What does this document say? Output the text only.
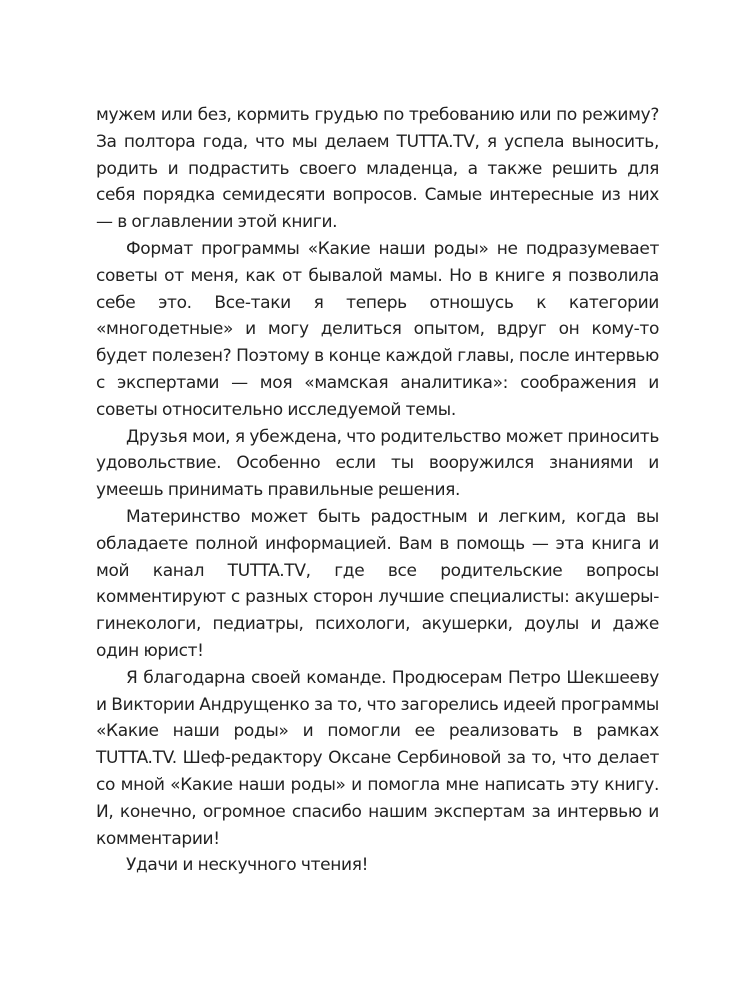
мужем или без, кормить грудью по требованию или по режиму? За полтора года, что мы делаем TUTTA.TV, я успела выносить, родить и подрастить своего младенца, а также решить для себя порядка семидесяти вопросов. Самые интересные из них — в оглавлении этой книги.

Формат программы «Какие наши роды» не подразумевает советы от меня, как от бывалой мамы. Но в книге я позволила себе это. Все-таки я теперь отношусь к категории «многодетные» и могу делиться опытом, вдруг он кому-то будет полезен? Поэтому в конце каждой главы, после интервью с экспертами — моя «мамская аналитика»: соображения и советы относительно исследуемой темы.

Друзья мои, я убеждена, что родительство может приносить удовольствие. Особенно если ты вооружился знаниями и умеешь принимать правильные решения.

Материнство может быть радостным и легким, когда вы обладаете полной информацией. Вам в помощь — эта книга и мой канал TUTTA.TV, где все родительские вопросы комментируют с разных сторон лучшие специалисты: акушеры-гинекологи, педиатры, психологи, акушерки, доулы и даже один юрист!

Я благодарна своей команде. Продюсерам Петро Шекшееву и Виктории Андрущенко за то, что загорелись идеей программы «Какие наши роды» и помогли ее реализовать в рамках TUTTA.TV. Шеф-редактору Оксане Сербиновой за то, что делает со мной «Какие наши роды» и помогла мне написать эту книгу. И, конечно, огромное спасибо нашим экспертам за интервью и комментарии!

Удачи и нескучного чтения!
